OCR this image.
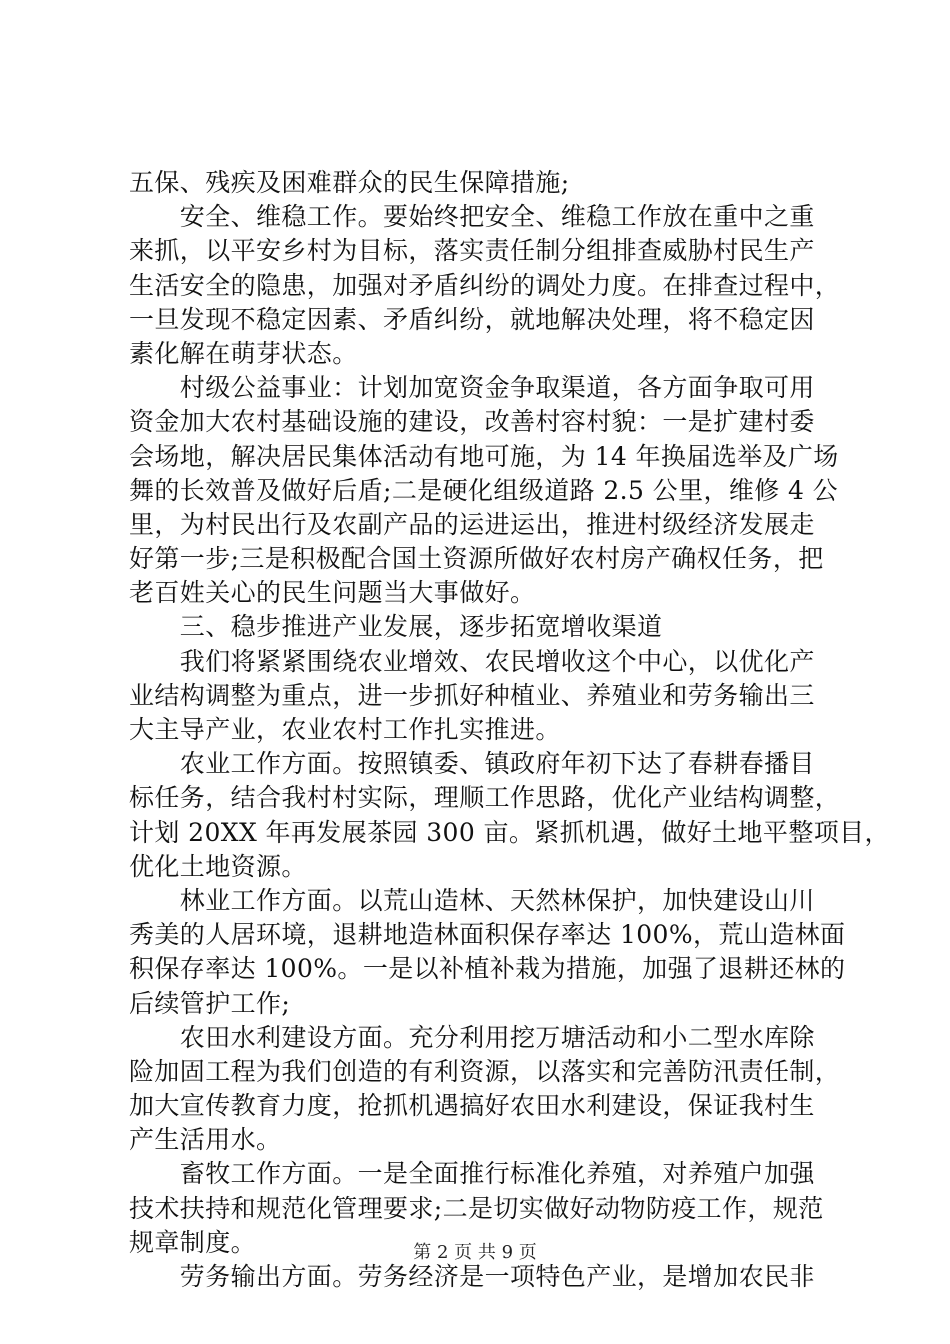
五保、残疾及困难群众的民生保障措施;
　　安全、维稳工作。要始终把安全、维稳工作放在重中之重
来抓，以平安乡村为目标，落实责任制分组排查威胁村民生产
生活安全的隐患，加强对矛盾纠纷的调处力度。在排查过程中，
一旦发现不稳定因素、矛盾纠纷，就地解决处理，将不稳定因
素化解在萌芽状态。
　　村级公益事业：计划加宽资金争取渠道，各方面争取可用
资金加大农村基础设施的建设，改善村容村貌：一是扩建村委
会场地，解决居民集体活动有地可施，为 14 年换届选举及广场
舞的长效普及做好后盾;二是硬化组级道路 2.5 公里，维修 4 公
里，为村民出行及农副产品的运进运出，推进村级经济发展走
好第一步;三是积极配合国土资源所做好农村房产确权任务，把
老百姓关心的民生问题当大事做好。
　　三、稳步推进产业发展，逐步拓宽增收渠道
　　我们将紧紧围绕农业增效、农民增收这个中心，以优化产
业结构调整为重点，进一步抓好种植业、养殖业和劳务输出三
大主导产业，农业农村工作扎实推进。
　　农业工作方面。按照镇委、镇政府年初下达了春耕春播目
标任务，结合我村村实际，理顺工作思路，优化产业结构调整，
计划 20XX 年再发展茶园 300 亩。紧抓机遇，做好土地平整项目，
优化土地资源。
　　林业工作方面。以荒山造林、天然林保护，加快建设山川
秀美的人居环境，退耕地造林面积保存率达 100%，荒山造林面
积保存率达 100%。一是以补植补栽为措施，加强了退耕还林的
后续管护工作;
　　农田水利建设方面。充分利用挖万塘活动和小二型水库除
险加固工程为我们创造的有利资源，以落实和完善防汛责任制，
加大宣传教育力度，抢抓机遇搞好农田水利建设，保证我村生
产生活用水。
　　畜牧工作方面。一是全面推行标准化养殖，对养殖户加强
技术扶持和规范化管理要求;二是切实做好动物防疫工作，规范
规章制度。
　　劳务输出方面。劳务经济是一项特色产业，是增加农民非
第 2 页 共 9 页
